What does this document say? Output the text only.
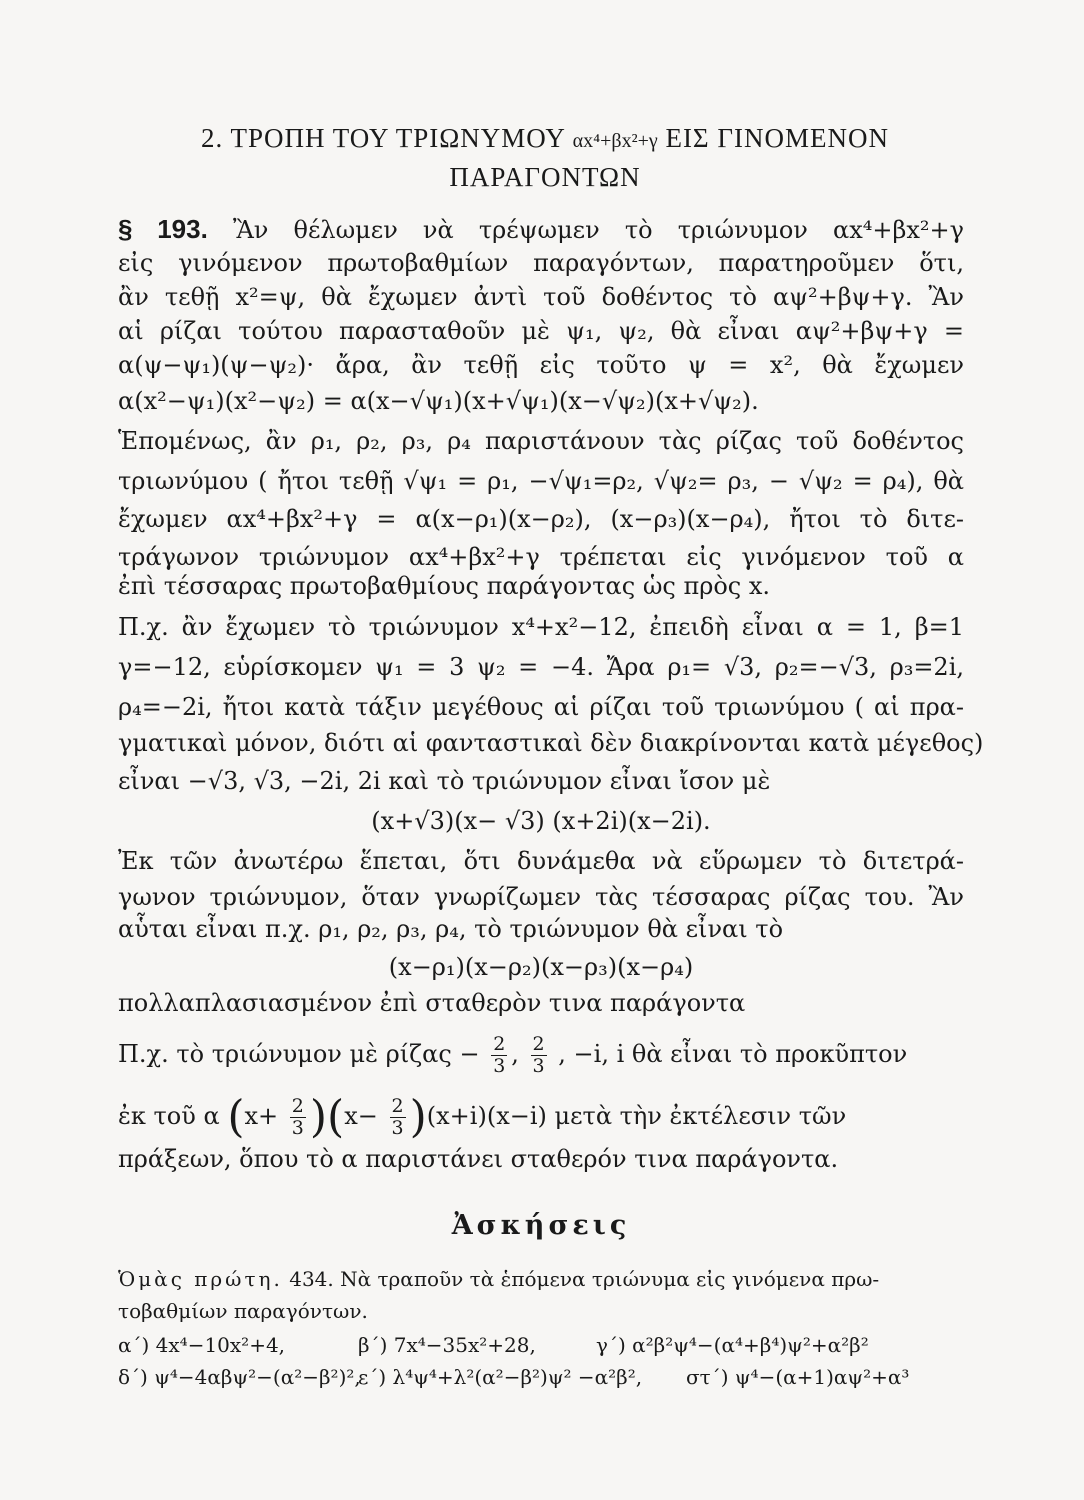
2. ΤΡΟΠΗ ΤΟΥ ΤΡΙΩΝΥΜΟΥ αx⁴+βx²+γ ΕΙΣ ΓΙΝΟΜΕΝΟΝ
ΠΑΡΑΓΟΝΤΩΝ
§ 193. Ἂν θέλωμεν νὰ τρέψωμεν τὸ τριώνυμον αx⁴+βx²+γ
εἰς γινόμενον πρωτοβαθμίων παραγόντων, παρατηροῦμεν ὅτι,
ἂν τεθῇ x²=ψ, θὰ ἔχωμεν ἀντὶ τοῦ δοθέντος τὸ αψ²+βψ+γ. Ἂν
αἱ ρίζαι τούτου παρασταθοῦν μὲ ψ₁, ψ₂, θὰ εἶναι αψ²+βψ+γ =
α(ψ−ψ₁)(ψ−ψ₂)· ἄρα, ἂν τεθῇ εἰς τοῦτο ψ = x², θὰ ἔχωμεν
α(x²−ψ₁)(x²−ψ₂) = α(x−√ψ₁)(x+√ψ₁)(x−√ψ₂)(x+√ψ₂).
Ἑπομένως, ἂν ρ₁, ρ₂, ρ₃, ρ₄ παριστάνουν τὰς ρίζας τοῦ δοθέντος
τριωνύμου ( ἤτοι τεθῇ √ψ₁ = ρ₁, −√ψ₁=ρ₂, √ψ₂= ρ₃, − √ψ₂ = ρ₄), θὰ
ἔχωμεν αx⁴+βx²+γ = α(x−ρ₁)(x−ρ₂), (x−ρ₃)(x−ρ₄), ἤτοι τὸ διτε-
τράγωνον τριώνυμον αx⁴+βx²+γ τρέπεται εἰς γινόμενον τοῦ α
ἐπὶ τέσσαρας πρωτοβαθμίους παράγοντας ὡς πρὸς x.
Π.χ. ἂν ἔχωμεν τὸ τριώνυμον x⁴+x²−12, ἐπειδὴ εἶναι α = 1, β=1
γ=−12, εὑρίσκομεν ψ₁ = 3 ψ₂ = −4. Ἄρα ρ₁= √3, ρ₂=−√3, ρ₃=2i,
ρ₄=−2i, ἤτοι κατὰ τάξιν μεγέθους αἱ ρίζαι τοῦ τριωνύμου ( αἱ πρα-
γματικαὶ μόνον, διότι αἱ φανταστικαὶ δὲν διακρίνονται κατὰ μέγεθος)
εἶναι −√3, √3, −2i, 2i καὶ τὸ τριώνυμον εἶναι ἴσον μὲ
(x+√3)(x− √3) (x+2i)(x−2i).
Ἐκ τῶν ἀνωτέρω ἕπεται, ὅτι δυνάμεθα νὰ εὕρωμεν τὸ διτετρά-
γωνον τριώνυμον, ὅταν γνωρίζωμεν τὰς τέσσαρας ρίζας του. Ἂν
αὗται εἶναι π.χ. ρ₁, ρ₂, ρ₃, ρ₄, τὸ τριώνυμον θὰ εἶναι τὸ
(x−ρ₁)(x−ρ₂)(x−ρ₃)(x−ρ₄)
πολλαπλασιασμένον ἐπὶ σταθερὸν τινα παράγοντα
Π.χ. τὸ τριώνυμον μὲ $\rho ί\zeta\alpha\varsigma - \frac{2}{3}$ , $\frac{2}{3}$ , −i, i θὰ εἶναι τὸ προκῦπτον
ἐκ τοῦ α $(x+ \frac{2}{3} )(x- \frac{2}{3} )(x+i)(x-i)$ μετὰ τὴν ἐκτέλεσιν τῶν
πράξεων, ὅπου τὸ α παριστάνει σταθερόν τινα παράγοντα.
Ἀσκήσεις
Ὁμὰς πρώτη. 434. Νὰ τραποῦν τὰ ἑπόμενα τριώνυμα εἰς γινόμενα πρω-
τοβαθμίων παραγόντων.
α΄) 4x⁴−10x²+4,	β΄) 7x⁴−35x²+28,	γ΄) α²β²ψ⁴−(α⁴+β⁴)ψ²+α²β²
δ΄) ψ⁴−4αβψ²−(α²−β²)²,
ε΄) λ⁴ψ⁴+λ²(α²−β²)ψ² −α²β², στ΄) ψ⁴−(α+1)αψ²+α³
